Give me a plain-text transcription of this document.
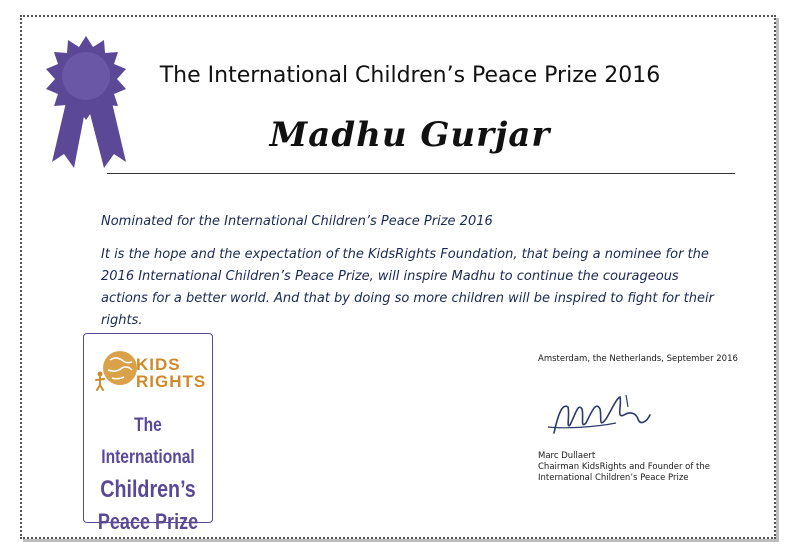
The International Children’s Peace Prize 2016
Madhu Gurjar
Nominated for the International Children’s Peace Prize 2016
It is the hope and the expectation of the KidsRights Foundation, that being a nominee for the 2016 International Children’s Peace Prize, will inspire Madhu to continue the courageous actions for a better world. And that by doing so more children will be inspired to fight for their rights.
KIDS
RIGHTS
The International
Children’s
Peace Prize
Amsterdam, the Netherlands, September 2016
Marc Dullaert
Chairman KidsRights and Founder of the
International Children’s Peace Prize
